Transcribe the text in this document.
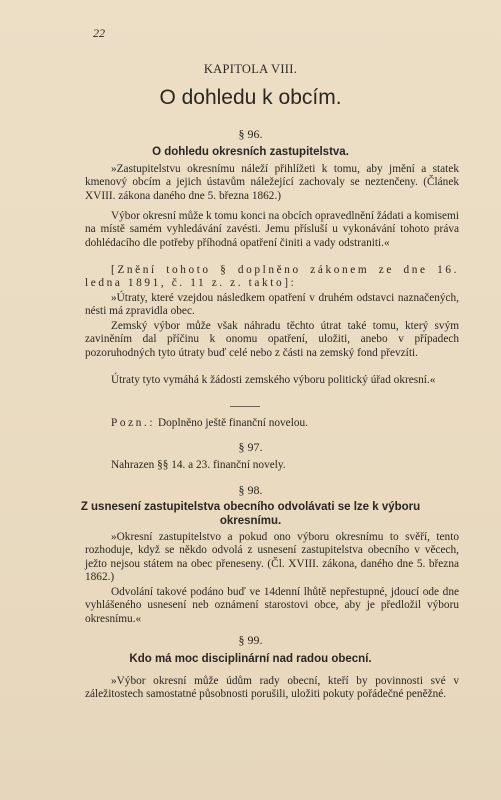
22
KAPITOLA VIII.
O dohledu k obcím.
§ 96.
O dohledu okresních zastupitelstva.
»Zastupitelstvu okresnímu náleží přihlížeti k tomu, aby jmění a statek kmenový obcím a jejich ústavům náležející zachovaly se neztenčeny. (Článek XVIII. zákona daného dne 5. března 1862.)
Výbor okresní může k tomu konci na obcích opravedlnění žádati a komisemi na místě samém vyhledávání zavésti. Jemu přísluší u vykonávání tohoto práva dohlédacího dle potřeby příhodná opatření činiti a vady odstraniti.«
[Znění tohoto § doplněno zákonem ze dne 16. ledna 1891, č. 11 z. z. takto]:
»Útraty, které vzejdou následkem opatření v druhém odstavci naznačených, nésti má zpravidla obec.
Zemský výbor může však náhradu těchto útrat také tomu, který svým zaviněním dal příčinu k onomu opatření, uložiti, anebo v případech pozoruhodných tyto útraty buď celé nebo z části na zemský fond převzíti.
Útraty tyto vymáhá k žádosti zemského výboru politický úřad okresní.«
Pozn.: Doplněno ještě finanční novelou.
§ 97.
Nahrazen §§ 14. a 23. finanční novely.
§ 98.
Z usnesení zastupitelstva obecního odvolávati se lze k výboru
okresnímu.
»Okresní zastupitelstvo a pokud ono výboru okresnímu to svěří, tento rozhoduje, když se někdo odvolá z usnesení zastupitelstva obecního v věcech, ježto nejsou státem na obec přeneseny. (Čl. XVIII. zákona, daného dne 5. března 1862.)
Odvolání takové podáno buď ve 14denní lhůtě nepřestupné, jdoucí ode dne vyhlášeného usnesení neb oznámení starostovi obce, aby je předložil výboru okresnímu.«
§ 99.
Kdo má moc disciplinární nad radou obecní.
»Výbor okresní může údům rady obecní, kteří by povinnosti své v záležitostech samostatné působnosti porušili, uložiti pokuty pořádečné peněžné.
